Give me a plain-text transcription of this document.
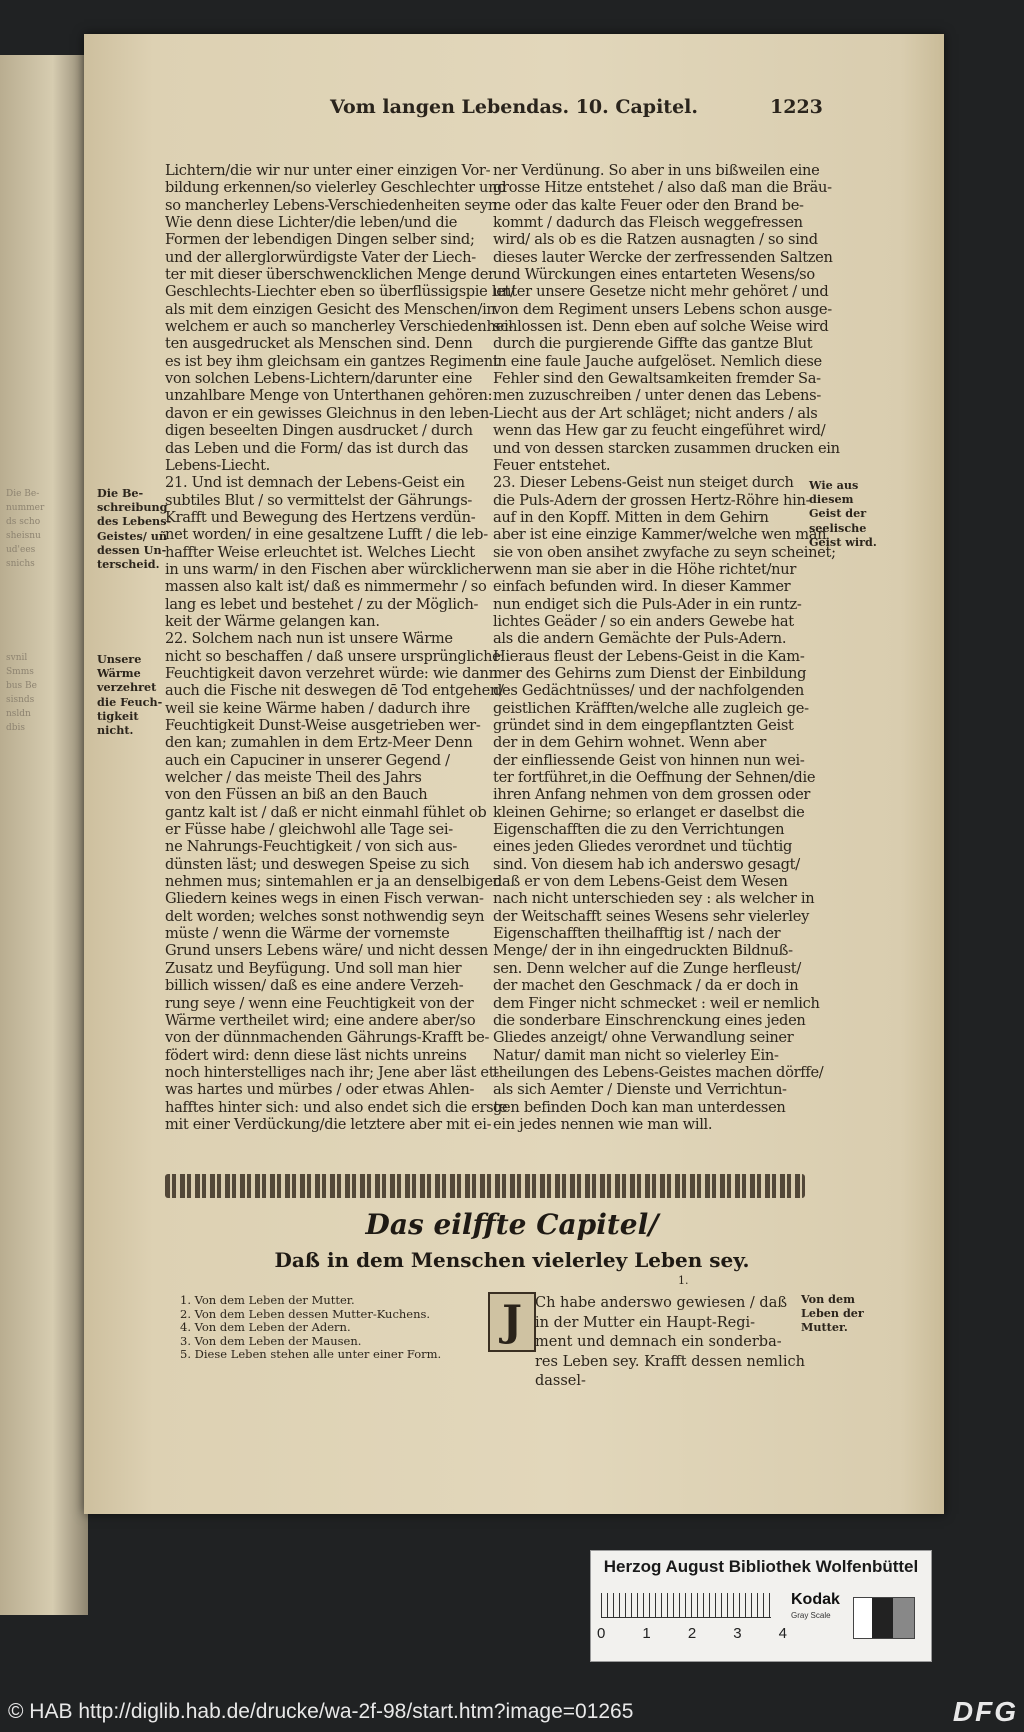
Die Be-
nummer
ds scho
sheisnu
ud'ees
snichs
svnil
Smms
bus Be
sisnds
nsldn
dbis
Vom langen Lebendas. 10. Capitel.	1223
Lichtern/die wir nur unter einer einzigen Vor-
bildung erkennen/so vielerley Geschlechter und
so mancherley Lebens-Verschiedenheiten seyn.
Wie denn diese Lichter/die leben/und die
Formen der lebendigen Dingen selber sind;
und der allerglorwürdigste Vater der Liech-
ter mit dieser überschwencklichen Menge der
Geschlechts-Liechter eben so überflüssigspie let/
als mit dem einzigen Gesicht des Menschen/in
welchem er auch so mancherley Verschiedenhei-
ten ausgedrucket als Menschen sind. Denn
es ist bey ihm gleichsam ein gantzes Regiment
von solchen Lebens-Lichtern/darunter eine
unzahlbare Menge von Unterthanen gehören:
davon er ein gewisses Gleichnus in den leben-
digen beseelten Dingen ausdrucket / durch
das Leben und die Form/ das ist durch das
Lebens-Liecht.
21. Und ist demnach der Lebens-Geist ein
subtiles Blut / so vermittelst der Gährungs-
Krafft und Bewegung des Hertzens verdün-
net worden/ in eine gesaltzene Lufft / die leb-
haffter Weise erleuchtet ist. Welches Liecht
in uns warm/ in den Fischen aber würcklicher
massen also kalt ist/ daß es nimmermehr / so
lang es lebet und bestehet / zu der Möglich-
keit der Wärme gelangen kan.
22. Solchem nach nun ist unsere Wärme
nicht so beschaffen / daß unsere ursprüngliche
Feuchtigkeit davon verzehret würde: wie dann
auch die Fische nit deswegen dē Tod entgehen/
weil sie keine Wärme haben / dadurch ihre
Feuchtigkeit Dunst-Weise ausgetrieben wer-
den kan; zumahlen in dem Ertz-Meer Denn
auch ein Capuciner in unserer Gegend /
welcher / das meiste Theil des Jahrs
von den Füssen an biß an den Bauch
gantz kalt ist / daß er nicht einmahl fühlet ob
er Füsse habe / gleichwohl alle Tage sei-
ne Nahrungs-Feuchtigkeit / von sich aus-
dünsten läst; und deswegen Speise zu sich
nehmen mus; sintemahlen er ja an denselbigen
Gliedern keines wegs in einen Fisch verwan-
delt worden; welches sonst nothwendig seyn
müste / wenn die Wärme der vornemste
Grund unsers Lebens wäre/ und nicht dessen
Zusatz und Beyfügung. Und soll man hier
billich wissen/ daß es eine andere Verzeh-
rung seye / wenn eine Feuchtigkeit von der
Wärme vertheilet wird; eine andere aber/so
von der dünnmachenden Gährungs-Krafft be-
födert wird: denn diese läst nichts unreins
noch hinterstelliges nach ihr; Jene aber läst et-
was hartes und mürbes / oder etwas Ahlen-
hafftes hinter sich: und also endet sich die erste
mit einer Verdückung/die letztere aber mit ei-
ner Verdünung. So aber in uns bißweilen eine
grosse Hitze entstehet / also daß man die Bräu-
ne oder das kalte Feuer oder den Brand be-
kommt / dadurch das Fleisch weggefressen
wird/ als ob es die Ratzen ausnagten / so sind
dieses lauter Wercke der zerfressenden Saltzen
und Würckungen eines entarteten Wesens/so
unter unsere Gesetze nicht mehr gehöret / und
von dem Regiment unsers Lebens schon ausge-
schlossen ist. Denn eben auf solche Weise wird
durch die purgierende Giffte das gantze Blut
in eine faule Jauche aufgelöset. Nemlich diese
Fehler sind den Gewaltsamkeiten fremder Sa-
men zuzuschreiben / unter denen das Lebens-
Liecht aus der Art schläget; nicht anders / als
wenn das Hew gar zu feucht eingeführet wird/
und von dessen starcken zusammen drucken ein
Feuer entstehet.
23. Dieser Lebens-Geist nun steiget durch
die Puls-Adern der grossen Hertz-Röhre hin-
auf in den Kopff. Mitten in dem Gehirn
aber ist eine einzige Kammer/welche wen man
sie von oben ansihet zwyfache zu seyn scheinet;
wenn man sie aber in die Höhe richtet/nur
einfach befunden wird. In dieser Kammer
nun endiget sich die Puls-Ader in ein runtz-
lichtes Geäder / so ein anders Gewebe hat
als die andern Gemächte der Puls-Adern.
Hieraus fleust der Lebens-Geist in die Kam-
mer des Gehirns zum Dienst der Einbildung
des Gedächtnüsses/ und der nachfolgenden
geistlichen Kräfften/welche alle zugleich ge-
gründet sind in dem eingepflantzten Geist
der in dem Gehirn wohnet. Wenn aber
der einfliessende Geist von hinnen nun wei-
ter fortführet,in die Oeffnung der Sehnen/die
ihren Anfang nehmen von dem grossen oder
kleinen Gehirne; so erlanget er daselbst die
Eigenschafften die zu den Verrichtungen
eines jeden Gliedes verordnet und tüchtig
sind. Von diesem hab ich anderswo gesagt/
daß er von dem Lebens-Geist dem Wesen
nach nicht unterschieden sey : als welcher in
der Weitschafft seines Wesens sehr vielerley
Eigenschafften theilhafftig ist / nach der
Menge/ der in ihn eingedruckten Bildnuß-
sen. Denn welcher auf die Zunge herfleust/
der machet den Geschmack / da er doch in
dem Finger nicht schmecket : weil er nemlich
die sonderbare Einschrenckung eines jeden
Gliedes anzeigt/ ohne Verwandlung seiner
Natur/ damit man nicht so vielerley Ein-
theilungen des Lebens-Geistes machen dörffe/
als sich Aemter / Dienste und Verrichtun-
gen befinden Doch kan man unterdessen
ein jedes nennen wie man will.
Die Be-
schreibung
des Lebens-
Geistes/ uñ
dessen Un-
terscheid.
Unsere
Wärme
verzehret
die Feuch-
tigkeit
nicht.
Wie aus
diesem
Geist der
seelische
Geist wird.
Von dem
Leben der
Mutter.
Das eilffte Capitel/
Daß in dem Menschen vielerley Leben sey.
1.
1. Von dem Leben der Mutter.
2. Von dem Leben dessen Mutter-Kuchens.
4. Von dem Leben der Adern.
3. Von dem Leben der Mausen.
5. Diese Leben stehen alle unter einer Form.
J Ch habe anderswo gewiesen / daß
in der Mutter ein Haupt-Regi-
ment und demnach ein sonderba-
res Leben sey. Krafft dessen nemlich
dassel-
Herzog August Bibliothek Wolfenbüttel
0 1 2 3 4
Kodak
Gray Scale
© HAB http://diglib.hab.de/drucke/wa-2f-98/start.htm?image=01265	DFG
